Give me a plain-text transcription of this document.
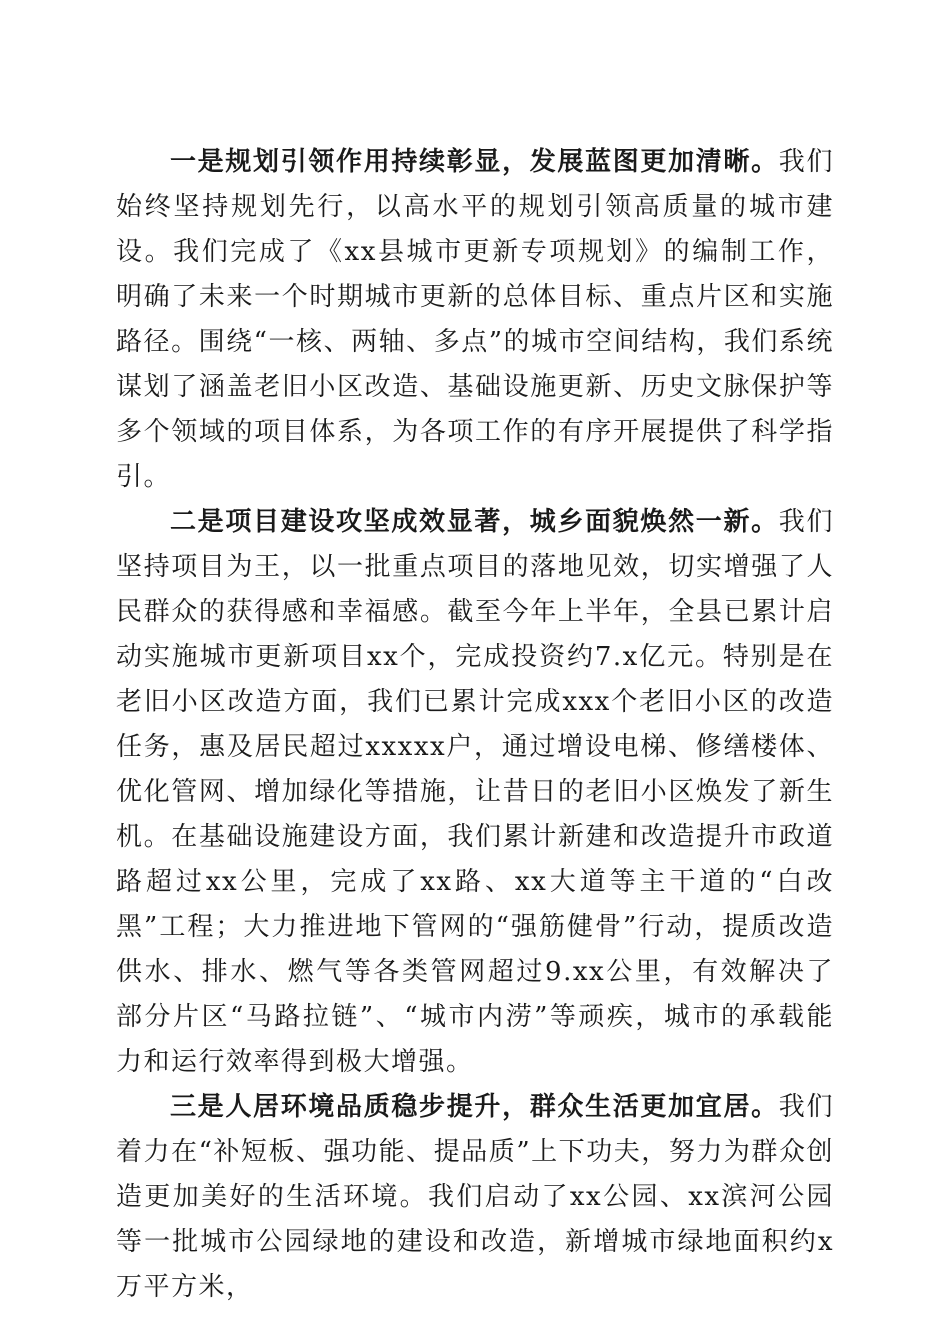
一是规划引领作用持续彰显，发展蓝图更加清晰。我们始终坚持规划先行，以高水平的规划引领高质量的城市建设。我们完成了《xx县城市更新专项规划》的编制工作，明确了未来一个时期城市更新的总体目标、重点片区和实施路径。围绕“一核、两轴、多点”的城市空间结构，我们系统谋划了涵盖老旧小区改造、基础设施更新、历史文脉保护等多个领域的项目体系，为各项工作的有序开展提供了科学指引。

二是项目建设攻坚成效显著，城乡面貌焕然一新。我们坚持项目为王，以一批重点项目的落地见效，切实增强了人民群众的获得感和幸福感。截至今年上半年，全县已累计启动实施城市更新项目xx个，完成投资约7.x亿元。特别是在老旧小区改造方面，我们已累计完成xxx个老旧小区的改造任务，惠及居民超过xxxxx户，通过增设电梯、修缮楼体、优化管网、增加绿化等措施，让昔日的老旧小区焕发了新生机。在基础设施建设方面，我们累计新建和改造提升市政道路超过xx公里，完成了xx路、xx大道等主干道的“白改黑”工程；大力推进地下管网的“强筋健骨”行动，提质改造供水、排水、燃气等各类管网超过9.xx公里，有效解决了部分片区“马路拉链”、“城市内涝”等顽疾，城市的承载能力和运行效率得到极大增强。

三是人居环境品质稳步提升，群众生活更加宜居。我们着力在“补短板、强功能、提品质”上下功夫，努力为群众创造更加美好的生活环境。我们启动了xx公园、xx滨河公园等一批城市公园绿地的建设和改造，新增城市绿地面积约x万平方米，
